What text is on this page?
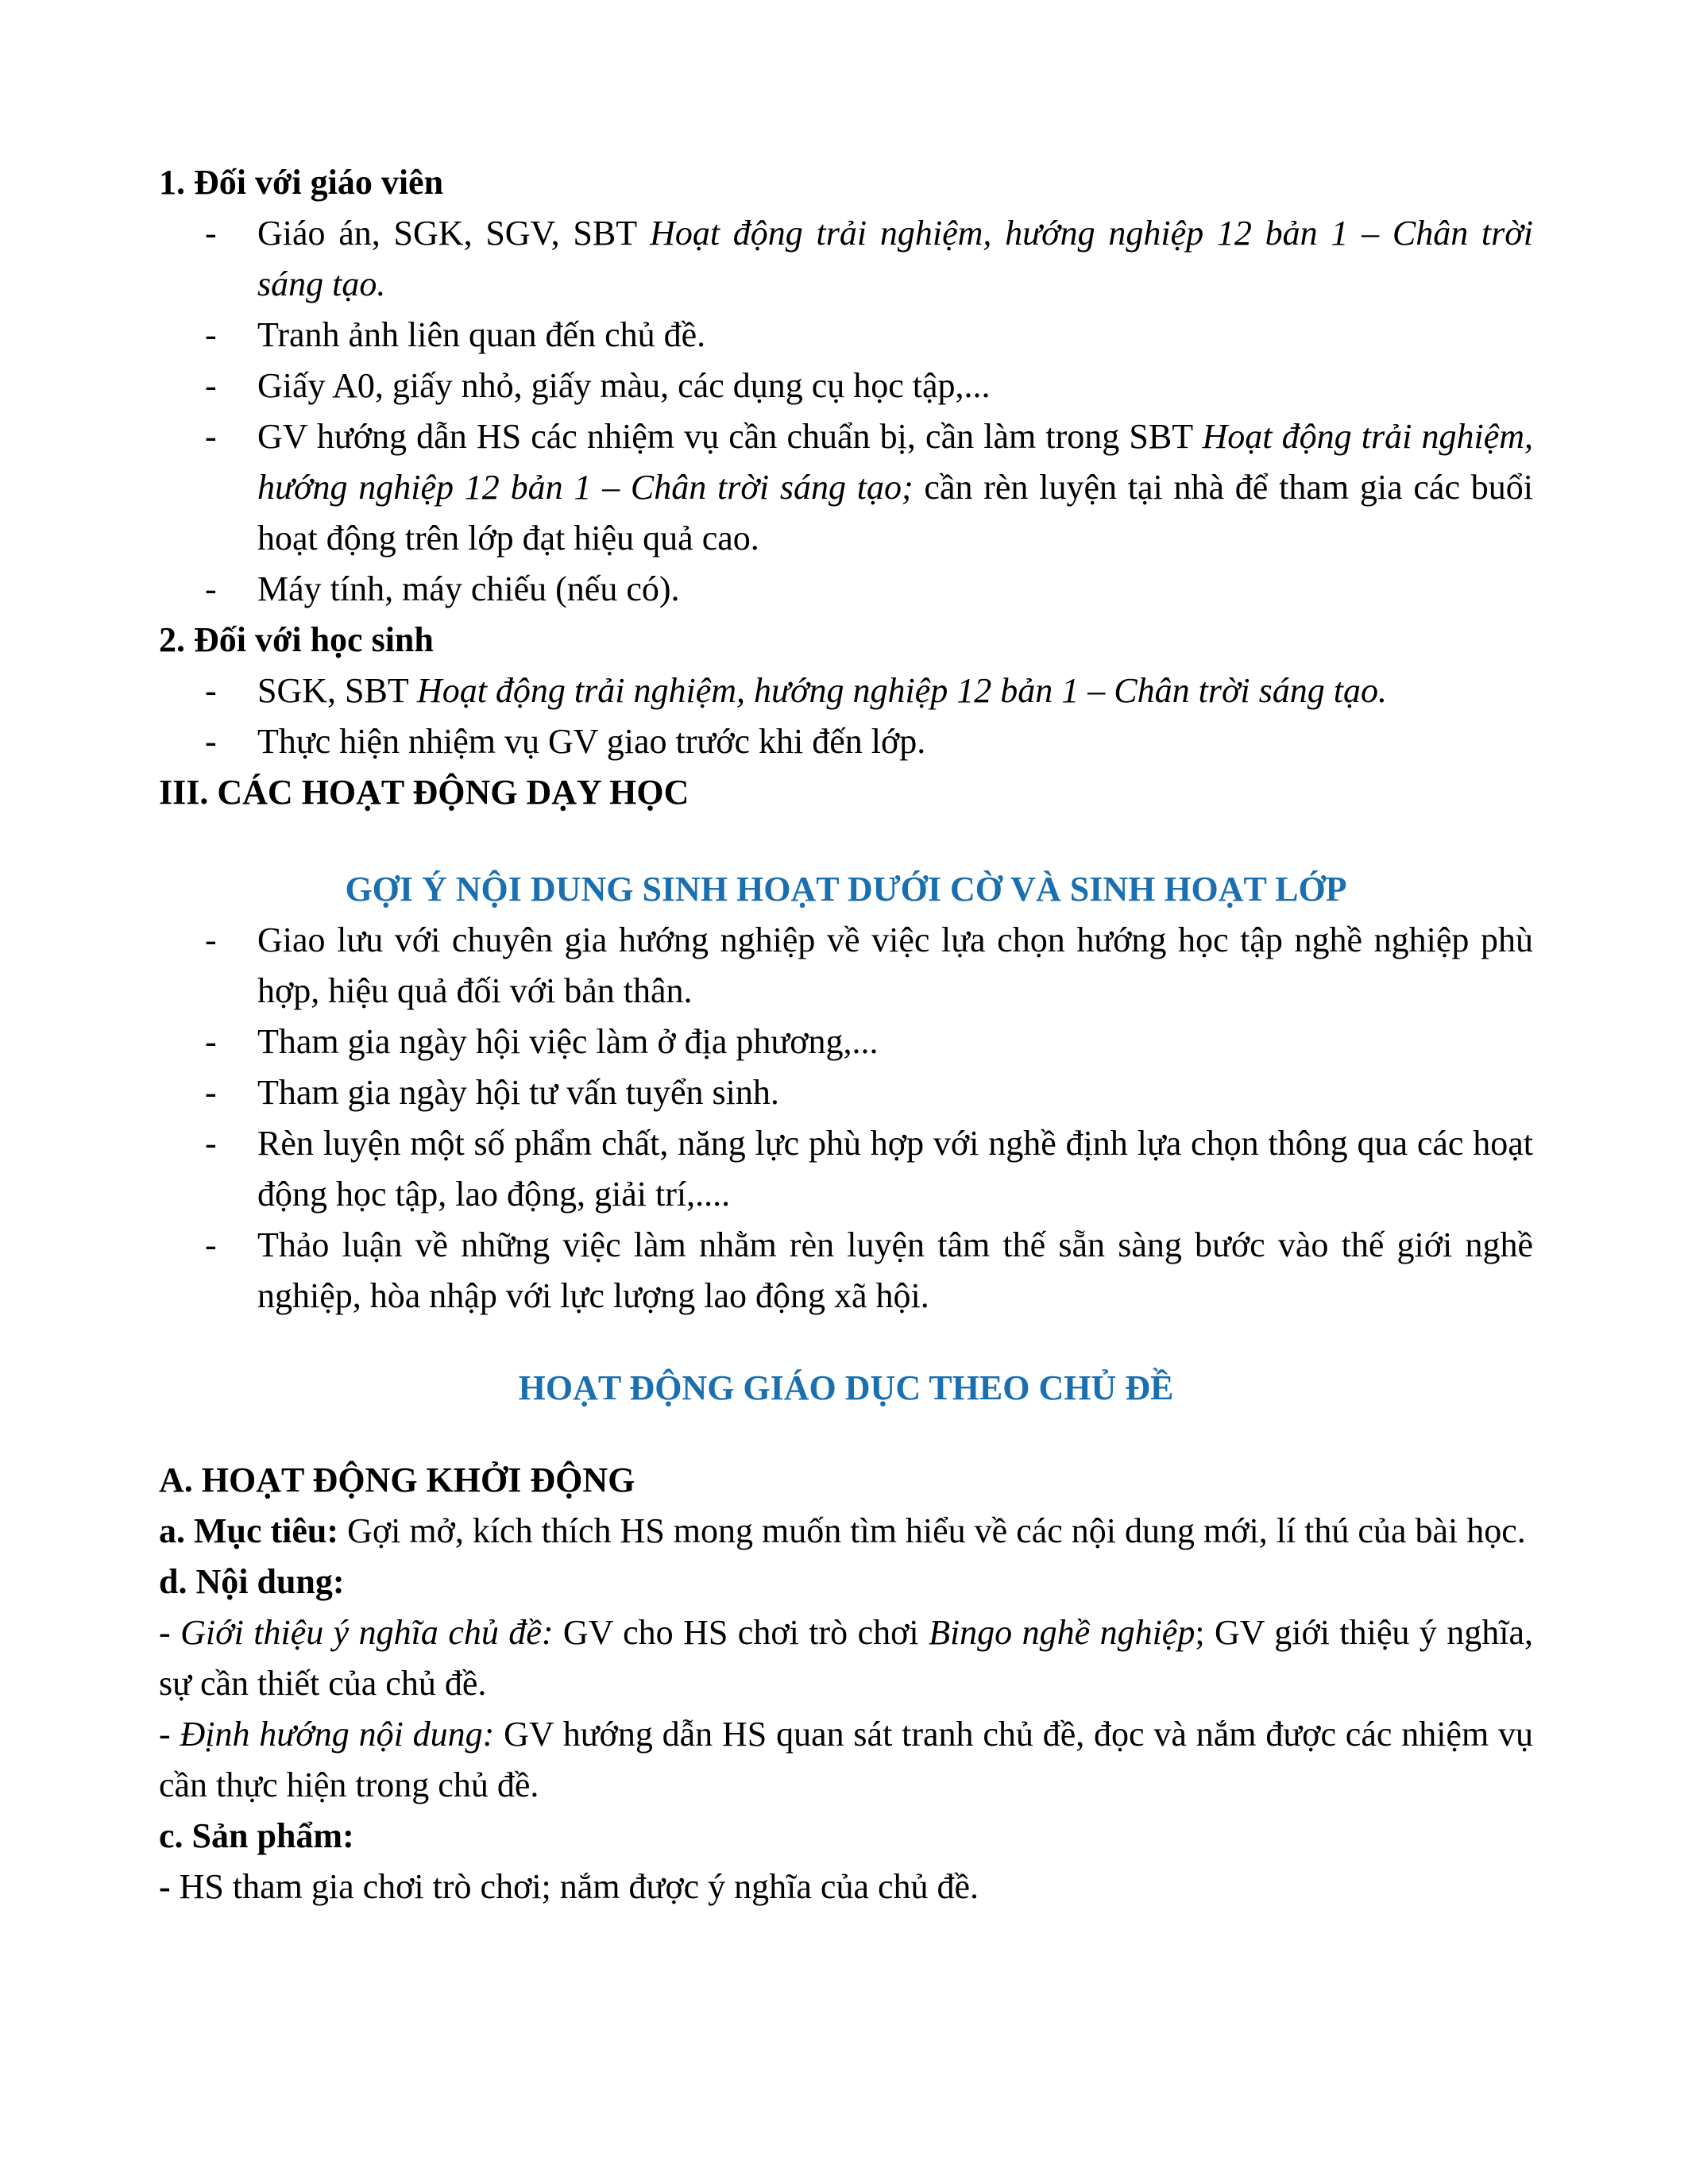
1. Đối với giáo viên

- Giáo án, SGK, SGV, SBT Hoạt động trải nghiệm, hướng nghiệp 12 bản 1 – Chân trời sáng tạo.
- Tranh ảnh liên quan đến chủ đề.
- Giấy A0, giấy nhỏ, giấy màu, các dụng cụ học tập,...
- GV hướng dẫn HS các nhiệm vụ cần chuẩn bị, cần làm trong SBT Hoạt động trải nghiệm, hướng nghiệp 12 bản 1 – Chân trời sáng tạo; cần rèn luyện tại nhà để tham gia các buổi hoạt động trên lớp đạt hiệu quả cao.
- Máy tính, máy chiếu (nếu có).

2. Đối với học sinh

- SGK, SBT Hoạt động trải nghiệm, hướng nghiệp 12 bản 1 – Chân trời sáng tạo.
- Thực hiện nhiệm vụ GV giao trước khi đến lớp.

III. CÁC HOẠT ĐỘNG DẠY HỌC

GỢI Ý NỘI DUNG SINH HOẠT DƯỚI CỜ VÀ SINH HOẠT LỚP

- Giao lưu với chuyên gia hướng nghiệp về việc lựa chọn hướng học tập nghề nghiệp phù hợp, hiệu quả đối với bản thân.
- Tham gia ngày hội việc làm ở địa phương,...
- Tham gia ngày hội tư vấn tuyển sinh.
- Rèn luyện một số phẩm chất, năng lực phù hợp với nghề định lựa chọn thông qua các hoạt động học tập, lao động, giải trí,....
- Thảo luận về những việc làm nhằm rèn luyện tâm thế sẵn sàng bước vào thế giới nghề nghiệp, hòa nhập với lực lượng lao động xã hội.

HOẠT ĐỘNG GIÁO DỤC THEO CHỦ ĐỀ

A. HOẠT ĐỘNG KHỞI ĐỘNG

a. Mục tiêu: Gợi mở, kích thích HS mong muốn tìm hiểu về các nội dung mới, lí thú của bài học.

d. Nội dung:

- Giới thiệu ý nghĩa chủ đề: GV cho HS chơi trò chơi Bingo nghề nghiệp; GV giới thiệu ý nghĩa, sự cần thiết của chủ đề.

- Định hướng nội dung: GV hướng dẫn HS quan sát tranh chủ đề, đọc và nắm được các nhiệm vụ cần thực hiện trong chủ đề.

c. Sản phẩm:

- HS tham gia chơi trò chơi; nắm được ý nghĩa của chủ đề.
